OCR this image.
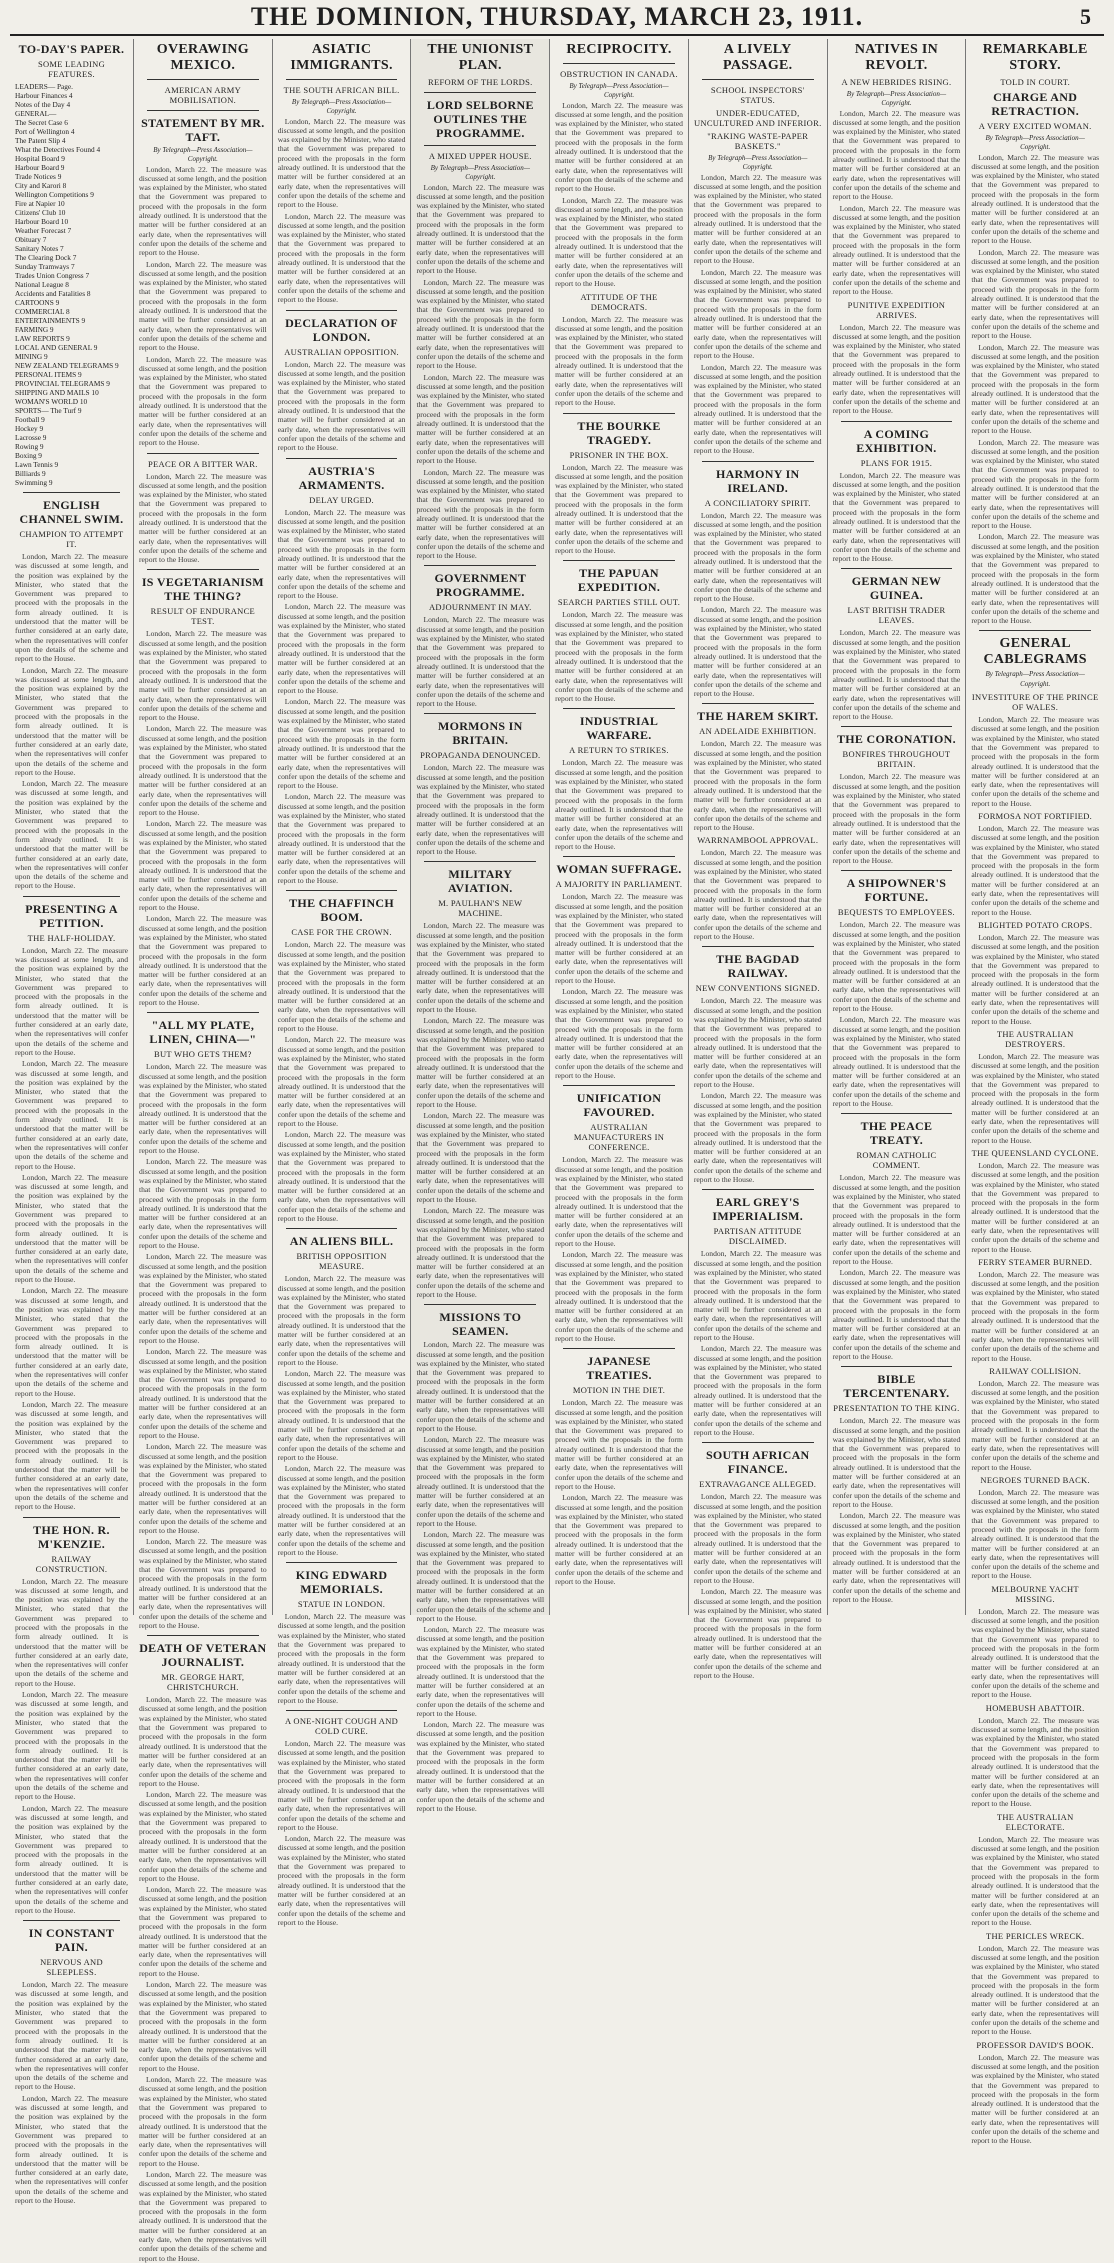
THE DOMINION, THURSDAY, MARCH 23, 1911.	5
TO-DAY'S PAPER.
SOME LEADING FEATURES.
LEADERS— Page.
Harbour Finances 4
Notes of the Day 4
GENERAL—
The Secret Case 6
Port of Wellington 4
The Patent Slip 4
What the Detectives Found 4
Hospital Board 9
Harbour Board 9
Trade Notices 9
City and Karori 8
Wellington Competitions 9
Fire at Napier 10
Citizens' Club 10
Harbour Board 10
Weather Forecast 7
Obituary 7
Sanitary Notes 7
The Clearing Dock 7
Sunday Tramways 7
Trades Union Congress 7
National League 8
Accidents and Fatalities 8
CARTOONS 9
COMMERCIAL 8
ENTERTAINMENTS 9
FARMING 9
LAW REPORTS 9
LOCAL AND GENERAL 9
MINING 9
NEW ZEALAND TELEGRAMS 9
PERSONAL ITEMS 9
PROVINCIAL TELEGRAMS 9
SHIPPING AND MAILS 10
WOMAN'S WORLD 10
SPORTS— The Turf 9
Football 9
Hockey 9
Lacrosse 9
Rowing 9
Boxing 9
Lawn Tennis 9
Billiards 9
Swimming 9
ENGLISH CHANNEL SWIM.
CHAMPION TO ATTEMPT IT.

London, March 22. The measure was discussed at some length, and the position was explained by the Minister, who stated that the Government was prepared to proceed with the proposals in the form already outlined. It is understood that the matter will be further considered at an early date, when the representatives will confer upon the details of the scheme and report to the House.

London, March 22. The measure was discussed at some length, and the position was explained by the Minister, who stated that the Government was prepared to proceed with the proposals in the form already outlined. It is understood that the matter will be further considered at an early date, when the representatives will confer upon the details of the scheme and report to the House.

London, March 22. The measure was discussed at some length, and the position was explained by the Minister, who stated that the Government was prepared to proceed with the proposals in the form already outlined. It is understood that the matter will be further considered at an early date, when the representatives will confer upon the details of the scheme and report to the House.

PRESENTING A PETITION.
THE HALF-HOLIDAY.

London, March 22. The measure was discussed at some length, and the position was explained by the Minister, who stated that the Government was prepared to proceed with the proposals in the form already outlined. It is understood that the matter will be further considered at an early date, when the representatives will confer upon the details of the scheme and report to the House.

London, March 22. The measure was discussed at some length, and the position was explained by the Minister, who stated that the Government was prepared to proceed with the proposals in the form already outlined. It is understood that the matter will be further considered at an early date, when the representatives will confer upon the details of the scheme and report to the House.

London, March 22. The measure was discussed at some length, and the position was explained by the Minister, who stated that the Government was prepared to proceed with the proposals in the form already outlined. It is understood that the matter will be further considered at an early date, when the representatives will confer upon the details of the scheme and report to the House.

London, March 22. The measure was discussed at some length, and the position was explained by the Minister, who stated that the Government was prepared to proceed with the proposals in the form already outlined. It is understood that the matter will be further considered at an early date, when the representatives will confer upon the details of the scheme and report to the House.

London, March 22. The measure was discussed at some length, and the position was explained by the Minister, who stated that the Government was prepared to proceed with the proposals in the form already outlined. It is understood that the matter will be further considered at an early date, when the representatives will confer upon the details of the scheme and report to the House.

THE HON. R. M'KENZIE.
RAILWAY CONSTRUCTION.

London, March 22. The measure was discussed at some length, and the position was explained by the Minister, who stated that the Government was prepared to proceed with the proposals in the form already outlined. It is understood that the matter will be further considered at an early date, when the representatives will confer upon the details of the scheme and report to the House.

London, March 22. The measure was discussed at some length, and the position was explained by the Minister, who stated that the Government was prepared to proceed with the proposals in the form already outlined. It is understood that the matter will be further considered at an early date, when the representatives will confer upon the details of the scheme and report to the House.

London, March 22. The measure was discussed at some length, and the position was explained by the Minister, who stated that the Government was prepared to proceed with the proposals in the form already outlined. It is understood that the matter will be further considered at an early date, when the representatives will confer upon the details of the scheme and report to the House.

IN CONSTANT PAIN.
NERVOUS AND SLEEPLESS.

London, March 22. The measure was discussed at some length, and the position was explained by the Minister, who stated that the Government was prepared to proceed with the proposals in the form already outlined. It is understood that the matter will be further considered at an early date, when the representatives will confer upon the details of the scheme and report to the House.

London, March 22. The measure was discussed at some length, and the position was explained by the Minister, who stated that the Government was prepared to proceed with the proposals in the form already outlined. It is understood that the matter will be further considered at an early date, when the representatives will confer upon the details of the scheme and report to the House.

OVERAWING MEXICO.
AMERICAN ARMY MOBILISATION.
STATEMENT BY MR. TAFT.
By Telegraph—Press Association—Copyright.

London, March 22. The measure was discussed at some length, and the position was explained by the Minister, who stated that the Government was prepared to proceed with the proposals in the form already outlined. It is understood that the matter will be further considered at an early date, when the representatives will confer upon the details of the scheme and report to the House.

London, March 22. The measure was discussed at some length, and the position was explained by the Minister, who stated that the Government was prepared to proceed with the proposals in the form already outlined. It is understood that the matter will be further considered at an early date, when the representatives will confer upon the details of the scheme and report to the House.

London, March 22. The measure was discussed at some length, and the position was explained by the Minister, who stated that the Government was prepared to proceed with the proposals in the form already outlined. It is understood that the matter will be further considered at an early date, when the representatives will confer upon the details of the scheme and report to the House.

PEACE OR A BITTER WAR.

London, March 22. The measure was discussed at some length, and the position was explained by the Minister, who stated that the Government was prepared to proceed with the proposals in the form already outlined. It is understood that the matter will be further considered at an early date, when the representatives will confer upon the details of the scheme and report to the House.

IS VEGETARIANISM THE THING?
RESULT OF ENDURANCE TEST.

London, March 22. The measure was discussed at some length, and the position was explained by the Minister, who stated that the Government was prepared to proceed with the proposals in the form already outlined. It is understood that the matter will be further considered at an early date, when the representatives will confer upon the details of the scheme and report to the House.

London, March 22. The measure was discussed at some length, and the position was explained by the Minister, who stated that the Government was prepared to proceed with the proposals in the form already outlined. It is understood that the matter will be further considered at an early date, when the representatives will confer upon the details of the scheme and report to the House.

London, March 22. The measure was discussed at some length, and the position was explained by the Minister, who stated that the Government was prepared to proceed with the proposals in the form already outlined. It is understood that the matter will be further considered at an early date, when the representatives will confer upon the details of the scheme and report to the House.

London, March 22. The measure was discussed at some length, and the position was explained by the Minister, who stated that the Government was prepared to proceed with the proposals in the form already outlined. It is understood that the matter will be further considered at an early date, when the representatives will confer upon the details of the scheme and report to the House.

"ALL MY PLATE, LINEN, CHINA—"
BUT WHO GETS THEM?

London, March 22. The measure was discussed at some length, and the position was explained by the Minister, who stated that the Government was prepared to proceed with the proposals in the form already outlined. It is understood that the matter will be further considered at an early date, when the representatives will confer upon the details of the scheme and report to the House.

London, March 22. The measure was discussed at some length, and the position was explained by the Minister, who stated that the Government was prepared to proceed with the proposals in the form already outlined. It is understood that the matter will be further considered at an early date, when the representatives will confer upon the details of the scheme and report to the House.

London, March 22. The measure was discussed at some length, and the position was explained by the Minister, who stated that the Government was prepared to proceed with the proposals in the form already outlined. It is understood that the matter will be further considered at an early date, when the representatives will confer upon the details of the scheme and report to the House.

London, March 22. The measure was discussed at some length, and the position was explained by the Minister, who stated that the Government was prepared to proceed with the proposals in the form already outlined. It is understood that the matter will be further considered at an early date, when the representatives will confer upon the details of the scheme and report to the House.

London, March 22. The measure was discussed at some length, and the position was explained by the Minister, who stated that the Government was prepared to proceed with the proposals in the form already outlined. It is understood that the matter will be further considered at an early date, when the representatives will confer upon the details of the scheme and report to the House.

London, March 22. The measure was discussed at some length, and the position was explained by the Minister, who stated that the Government was prepared to proceed with the proposals in the form already outlined. It is understood that the matter will be further considered at an early date, when the representatives will confer upon the details of the scheme and report to the House.

DEATH OF VETERAN JOURNALIST.
MR. GEORGE HART, CHRISTCHURCH.

London, March 22. The measure was discussed at some length, and the position was explained by the Minister, who stated that the Government was prepared to proceed with the proposals in the form already outlined. It is understood that the matter will be further considered at an early date, when the representatives will confer upon the details of the scheme and report to the House.

London, March 22. The measure was discussed at some length, and the position was explained by the Minister, who stated that the Government was prepared to proceed with the proposals in the form already outlined. It is understood that the matter will be further considered at an early date, when the representatives will confer upon the details of the scheme and report to the House.

London, March 22. The measure was discussed at some length, and the position was explained by the Minister, who stated that the Government was prepared to proceed with the proposals in the form already outlined. It is understood that the matter will be further considered at an early date, when the representatives will confer upon the details of the scheme and report to the House.

London, March 22. The measure was discussed at some length, and the position was explained by the Minister, who stated that the Government was prepared to proceed with the proposals in the form already outlined. It is understood that the matter will be further considered at an early date, when the representatives will confer upon the details of the scheme and report to the House.

London, March 22. The measure was discussed at some length, and the position was explained by the Minister, who stated that the Government was prepared to proceed with the proposals in the form already outlined. It is understood that the matter will be further considered at an early date, when the representatives will confer upon the details of the scheme and report to the House.

London, March 22. The measure was discussed at some length, and the position was explained by the Minister, who stated that the Government was prepared to proceed with the proposals in the form already outlined. It is understood that the matter will be further considered at an early date, when the representatives will confer upon the details of the scheme and report to the House.

ASIATIC IMMIGRANTS.
THE SOUTH AFRICAN BILL.
By Telegraph—Press Association—Copyright.

London, March 22. The measure was discussed at some length, and the position was explained by the Minister, who stated that the Government was prepared to proceed with the proposals in the form already outlined. It is understood that the matter will be further considered at an early date, when the representatives will confer upon the details of the scheme and report to the House.

London, March 22. The measure was discussed at some length, and the position was explained by the Minister, who stated that the Government was prepared to proceed with the proposals in the form already outlined. It is understood that the matter will be further considered at an early date, when the representatives will confer upon the details of the scheme and report to the House.

DECLARATION OF LONDON.
AUSTRALIAN OPPOSITION.

London, March 22. The measure was discussed at some length, and the position was explained by the Minister, who stated that the Government was prepared to proceed with the proposals in the form already outlined. It is understood that the matter will be further considered at an early date, when the representatives will confer upon the details of the scheme and report to the House.

AUSTRIA'S ARMAMENTS.
DELAY URGED.

London, March 22. The measure was discussed at some length, and the position was explained by the Minister, who stated that the Government was prepared to proceed with the proposals in the form already outlined. It is understood that the matter will be further considered at an early date, when the representatives will confer upon the details of the scheme and report to the House.

London, March 22. The measure was discussed at some length, and the position was explained by the Minister, who stated that the Government was prepared to proceed with the proposals in the form already outlined. It is understood that the matter will be further considered at an early date, when the representatives will confer upon the details of the scheme and report to the House.

London, March 22. The measure was discussed at some length, and the position was explained by the Minister, who stated that the Government was prepared to proceed with the proposals in the form already outlined. It is understood that the matter will be further considered at an early date, when the representatives will confer upon the details of the scheme and report to the House.

London, March 22. The measure was discussed at some length, and the position was explained by the Minister, who stated that the Government was prepared to proceed with the proposals in the form already outlined. It is understood that the matter will be further considered at an early date, when the representatives will confer upon the details of the scheme and report to the House.

THE CHAFFINCH BOOM.
CASE FOR THE CROWN.

London, March 22. The measure was discussed at some length, and the position was explained by the Minister, who stated that the Government was prepared to proceed with the proposals in the form already outlined. It is understood that the matter will be further considered at an early date, when the representatives will confer upon the details of the scheme and report to the House.

London, March 22. The measure was discussed at some length, and the position was explained by the Minister, who stated that the Government was prepared to proceed with the proposals in the form already outlined. It is understood that the matter will be further considered at an early date, when the representatives will confer upon the details of the scheme and report to the House.

London, March 22. The measure was discussed at some length, and the position was explained by the Minister, who stated that the Government was prepared to proceed with the proposals in the form already outlined. It is understood that the matter will be further considered at an early date, when the representatives will confer upon the details of the scheme and report to the House.

AN ALIENS BILL.
BRITISH OPPOSITION MEASURE.

London, March 22. The measure was discussed at some length, and the position was explained by the Minister, who stated that the Government was prepared to proceed with the proposals in the form already outlined. It is understood that the matter will be further considered at an early date, when the representatives will confer upon the details of the scheme and report to the House.

London, March 22. The measure was discussed at some length, and the position was explained by the Minister, who stated that the Government was prepared to proceed with the proposals in the form already outlined. It is understood that the matter will be further considered at an early date, when the representatives will confer upon the details of the scheme and report to the House.

London, March 22. The measure was discussed at some length, and the position was explained by the Minister, who stated that the Government was prepared to proceed with the proposals in the form already outlined. It is understood that the matter will be further considered at an early date, when the representatives will confer upon the details of the scheme and report to the House.

KING EDWARD MEMORIALS.
STATUE IN LONDON.

London, March 22. The measure was discussed at some length, and the position was explained by the Minister, who stated that the Government was prepared to proceed with the proposals in the form already outlined. It is understood that the matter will be further considered at an early date, when the representatives will confer upon the details of the scheme and report to the House.

A ONE-NIGHT COUGH AND COLD CURE.

London, March 22. The measure was discussed at some length, and the position was explained by the Minister, who stated that the Government was prepared to proceed with the proposals in the form already outlined. It is understood that the matter will be further considered at an early date, when the representatives will confer upon the details of the scheme and report to the House.

London, March 22. The measure was discussed at some length, and the position was explained by the Minister, who stated that the Government was prepared to proceed with the proposals in the form already outlined. It is understood that the matter will be further considered at an early date, when the representatives will confer upon the details of the scheme and report to the House.

THE UNIONIST PLAN.
REFORM OF THE LORDS.
LORD SELBORNE OUTLINES THE PROGRAMME.
A MIXED UPPER HOUSE.
By Telegraph—Press Association—Copyright.

London, March 22. The measure was discussed at some length, and the position was explained by the Minister, who stated that the Government was prepared to proceed with the proposals in the form already outlined. It is understood that the matter will be further considered at an early date, when the representatives will confer upon the details of the scheme and report to the House.

London, March 22. The measure was discussed at some length, and the position was explained by the Minister, who stated that the Government was prepared to proceed with the proposals in the form already outlined. It is understood that the matter will be further considered at an early date, when the representatives will confer upon the details of the scheme and report to the House.

London, March 22. The measure was discussed at some length, and the position was explained by the Minister, who stated that the Government was prepared to proceed with the proposals in the form already outlined. It is understood that the matter will be further considered at an early date, when the representatives will confer upon the details of the scheme and report to the House.

London, March 22. The measure was discussed at some length, and the position was explained by the Minister, who stated that the Government was prepared to proceed with the proposals in the form already outlined. It is understood that the matter will be further considered at an early date, when the representatives will confer upon the details of the scheme and report to the House.

GOVERNMENT PROGRAMME.
ADJOURNMENT IN MAY.

London, March 22. The measure was discussed at some length, and the position was explained by the Minister, who stated that the Government was prepared to proceed with the proposals in the form already outlined. It is understood that the matter will be further considered at an early date, when the representatives will confer upon the details of the scheme and report to the House.

MORMONS IN BRITAIN.
PROPAGANDA DENOUNCED.

London, March 22. The measure was discussed at some length, and the position was explained by the Minister, who stated that the Government was prepared to proceed with the proposals in the form already outlined. It is understood that the matter will be further considered at an early date, when the representatives will confer upon the details of the scheme and report to the House.

MILITARY AVIATION.
M. PAULHAN'S NEW MACHINE.

London, March 22. The measure was discussed at some length, and the position was explained by the Minister, who stated that the Government was prepared to proceed with the proposals in the form already outlined. It is understood that the matter will be further considered at an early date, when the representatives will confer upon the details of the scheme and report to the House.

London, March 22. The measure was discussed at some length, and the position was explained by the Minister, who stated that the Government was prepared to proceed with the proposals in the form already outlined. It is understood that the matter will be further considered at an early date, when the representatives will confer upon the details of the scheme and report to the House.

London, March 22. The measure was discussed at some length, and the position was explained by the Minister, who stated that the Government was prepared to proceed with the proposals in the form already outlined. It is understood that the matter will be further considered at an early date, when the representatives will confer upon the details of the scheme and report to the House.

London, March 22. The measure was discussed at some length, and the position was explained by the Minister, who stated that the Government was prepared to proceed with the proposals in the form already outlined. It is understood that the matter will be further considered at an early date, when the representatives will confer upon the details of the scheme and report to the House.

MISSIONS TO SEAMEN.

London, March 22. The measure was discussed at some length, and the position was explained by the Minister, who stated that the Government was prepared to proceed with the proposals in the form already outlined. It is understood that the matter will be further considered at an early date, when the representatives will confer upon the details of the scheme and report to the House.

London, March 22. The measure was discussed at some length, and the position was explained by the Minister, who stated that the Government was prepared to proceed with the proposals in the form already outlined. It is understood that the matter will be further considered at an early date, when the representatives will confer upon the details of the scheme and report to the House.

London, March 22. The measure was discussed at some length, and the position was explained by the Minister, who stated that the Government was prepared to proceed with the proposals in the form already outlined. It is understood that the matter will be further considered at an early date, when the representatives will confer upon the details of the scheme and report to the House.

London, March 22. The measure was discussed at some length, and the position was explained by the Minister, who stated that the Government was prepared to proceed with the proposals in the form already outlined. It is understood that the matter will be further considered at an early date, when the representatives will confer upon the details of the scheme and report to the House.

London, March 22. The measure was discussed at some length, and the position was explained by the Minister, who stated that the Government was prepared to proceed with the proposals in the form already outlined. It is understood that the matter will be further considered at an early date, when the representatives will confer upon the details of the scheme and report to the House.

RECIPROCITY.
OBSTRUCTION IN CANADA.
By Telegraph—Press Association—Copyright.

London, March 22. The measure was discussed at some length, and the position was explained by the Minister, who stated that the Government was prepared to proceed with the proposals in the form already outlined. It is understood that the matter will be further considered at an early date, when the representatives will confer upon the details of the scheme and report to the House.

London, March 22. The measure was discussed at some length, and the position was explained by the Minister, who stated that the Government was prepared to proceed with the proposals in the form already outlined. It is understood that the matter will be further considered at an early date, when the representatives will confer upon the details of the scheme and report to the House.

ATTITUDE OF THE DEMOCRATS.

London, March 22. The measure was discussed at some length, and the position was explained by the Minister, who stated that the Government was prepared to proceed with the proposals in the form already outlined. It is understood that the matter will be further considered at an early date, when the representatives will confer upon the details of the scheme and report to the House.

THE BOURKE TRAGEDY.
PRISONER IN THE BOX.

London, March 22. The measure was discussed at some length, and the position was explained by the Minister, who stated that the Government was prepared to proceed with the proposals in the form already outlined. It is understood that the matter will be further considered at an early date, when the representatives will confer upon the details of the scheme and report to the House.

THE PAPUAN EXPEDITION.
SEARCH PARTIES STILL OUT.

London, March 22. The measure was discussed at some length, and the position was explained by the Minister, who stated that the Government was prepared to proceed with the proposals in the form already outlined. It is understood that the matter will be further considered at an early date, when the representatives will confer upon the details of the scheme and report to the House.

INDUSTRIAL WARFARE.
A RETURN TO STRIKES.

London, March 22. The measure was discussed at some length, and the position was explained by the Minister, who stated that the Government was prepared to proceed with the proposals in the form already outlined. It is understood that the matter will be further considered at an early date, when the representatives will confer upon the details of the scheme and report to the House.

WOMAN SUFFRAGE.
A MAJORITY IN PARLIAMENT.

London, March 22. The measure was discussed at some length, and the position was explained by the Minister, who stated that the Government was prepared to proceed with the proposals in the form already outlined. It is understood that the matter will be further considered at an early date, when the representatives will confer upon the details of the scheme and report to the House.

London, March 22. The measure was discussed at some length, and the position was explained by the Minister, who stated that the Government was prepared to proceed with the proposals in the form already outlined. It is understood that the matter will be further considered at an early date, when the representatives will confer upon the details of the scheme and report to the House.

UNIFICATION FAVOURED.
AUSTRALIAN MANUFACTURERS IN CONFERENCE.

London, March 22. The measure was discussed at some length, and the position was explained by the Minister, who stated that the Government was prepared to proceed with the proposals in the form already outlined. It is understood that the matter will be further considered at an early date, when the representatives will confer upon the details of the scheme and report to the House.

London, March 22. The measure was discussed at some length, and the position was explained by the Minister, who stated that the Government was prepared to proceed with the proposals in the form already outlined. It is understood that the matter will be further considered at an early date, when the representatives will confer upon the details of the scheme and report to the House.

JAPANESE TREATIES.
MOTION IN THE DIET.

London, March 22. The measure was discussed at some length, and the position was explained by the Minister, who stated that the Government was prepared to proceed with the proposals in the form already outlined. It is understood that the matter will be further considered at an early date, when the representatives will confer upon the details of the scheme and report to the House.

London, March 22. The measure was discussed at some length, and the position was explained by the Minister, who stated that the Government was prepared to proceed with the proposals in the form already outlined. It is understood that the matter will be further considered at an early date, when the representatives will confer upon the details of the scheme and report to the House.

A LIVELY PASSAGE.
SCHOOL INSPECTORS' STATUS.
UNDER-EDUCATED, UNCULTURED AND INFERIOR.
"RAKING WASTE-PAPER BASKETS."
By Telegraph—Press Association—Copyright.

London, March 22. The measure was discussed at some length, and the position was explained by the Minister, who stated that the Government was prepared to proceed with the proposals in the form already outlined. It is understood that the matter will be further considered at an early date, when the representatives will confer upon the details of the scheme and report to the House.

London, March 22. The measure was discussed at some length, and the position was explained by the Minister, who stated that the Government was prepared to proceed with the proposals in the form already outlined. It is understood that the matter will be further considered at an early date, when the representatives will confer upon the details of the scheme and report to the House.

London, March 22. The measure was discussed at some length, and the position was explained by the Minister, who stated that the Government was prepared to proceed with the proposals in the form already outlined. It is understood that the matter will be further considered at an early date, when the representatives will confer upon the details of the scheme and report to the House.

HARMONY IN IRELAND.
A CONCILIATORY SPIRIT.

London, March 22. The measure was discussed at some length, and the position was explained by the Minister, who stated that the Government was prepared to proceed with the proposals in the form already outlined. It is understood that the matter will be further considered at an early date, when the representatives will confer upon the details of the scheme and report to the House.

London, March 22. The measure was discussed at some length, and the position was explained by the Minister, who stated that the Government was prepared to proceed with the proposals in the form already outlined. It is understood that the matter will be further considered at an early date, when the representatives will confer upon the details of the scheme and report to the House.

THE HAREM SKIRT.
AN ADELAIDE EXHIBITION.

London, March 22. The measure was discussed at some length, and the position was explained by the Minister, who stated that the Government was prepared to proceed with the proposals in the form already outlined. It is understood that the matter will be further considered at an early date, when the representatives will confer upon the details of the scheme and report to the House.

WARRNAMBOOL APPROVAL.

London, March 22. The measure was discussed at some length, and the position was explained by the Minister, who stated that the Government was prepared to proceed with the proposals in the form already outlined. It is understood that the matter will be further considered at an early date, when the representatives will confer upon the details of the scheme and report to the House.

THE BAGDAD RAILWAY.
NEW CONVENTIONS SIGNED.

London, March 22. The measure was discussed at some length, and the position was explained by the Minister, who stated that the Government was prepared to proceed with the proposals in the form already outlined. It is understood that the matter will be further considered at an early date, when the representatives will confer upon the details of the scheme and report to the House.

London, March 22. The measure was discussed at some length, and the position was explained by the Minister, who stated that the Government was prepared to proceed with the proposals in the form already outlined. It is understood that the matter will be further considered at an early date, when the representatives will confer upon the details of the scheme and report to the House.

EARL GREY'S IMPERIALISM.
PARTISAN ATTITUDE DISCLAIMED.

London, March 22. The measure was discussed at some length, and the position was explained by the Minister, who stated that the Government was prepared to proceed with the proposals in the form already outlined. It is understood that the matter will be further considered at an early date, when the representatives will confer upon the details of the scheme and report to the House.

London, March 22. The measure was discussed at some length, and the position was explained by the Minister, who stated that the Government was prepared to proceed with the proposals in the form already outlined. It is understood that the matter will be further considered at an early date, when the representatives will confer upon the details of the scheme and report to the House.

SOUTH AFRICAN FINANCE.
EXTRAVAGANCE ALLEGED.

London, March 22. The measure was discussed at some length, and the position was explained by the Minister, who stated that the Government was prepared to proceed with the proposals in the form already outlined. It is understood that the matter will be further considered at an early date, when the representatives will confer upon the details of the scheme and report to the House.

London, March 22. The measure was discussed at some length, and the position was explained by the Minister, who stated that the Government was prepared to proceed with the proposals in the form already outlined. It is understood that the matter will be further considered at an early date, when the representatives will confer upon the details of the scheme and report to the House.

NATIVES IN REVOLT.
A NEW HEBRIDES RISING.
By Telegraph—Press Association—Copyright.

London, March 22. The measure was discussed at some length, and the position was explained by the Minister, who stated that the Government was prepared to proceed with the proposals in the form already outlined. It is understood that the matter will be further considered at an early date, when the representatives will confer upon the details of the scheme and report to the House.

London, March 22. The measure was discussed at some length, and the position was explained by the Minister, who stated that the Government was prepared to proceed with the proposals in the form already outlined. It is understood that the matter will be further considered at an early date, when the representatives will confer upon the details of the scheme and report to the House.

PUNITIVE EXPEDITION ARRIVES.

London, March 22. The measure was discussed at some length, and the position was explained by the Minister, who stated that the Government was prepared to proceed with the proposals in the form already outlined. It is understood that the matter will be further considered at an early date, when the representatives will confer upon the details of the scheme and report to the House.

A COMING EXHIBITION.
PLANS FOR 1915.

London, March 22. The measure was discussed at some length, and the position was explained by the Minister, who stated that the Government was prepared to proceed with the proposals in the form already outlined. It is understood that the matter will be further considered at an early date, when the representatives will confer upon the details of the scheme and report to the House.

GERMAN NEW GUINEA.
LAST BRITISH TRADER LEAVES.

London, March 22. The measure was discussed at some length, and the position was explained by the Minister, who stated that the Government was prepared to proceed with the proposals in the form already outlined. It is understood that the matter will be further considered at an early date, when the representatives will confer upon the details of the scheme and report to the House.

THE CORONATION.
BONFIRES THROUGHOUT BRITAIN.

London, March 22. The measure was discussed at some length, and the position was explained by the Minister, who stated that the Government was prepared to proceed with the proposals in the form already outlined. It is understood that the matter will be further considered at an early date, when the representatives will confer upon the details of the scheme and report to the House.

A SHIPOWNER'S FORTUNE.
BEQUESTS TO EMPLOYEES.

London, March 22. The measure was discussed at some length, and the position was explained by the Minister, who stated that the Government was prepared to proceed with the proposals in the form already outlined. It is understood that the matter will be further considered at an early date, when the representatives will confer upon the details of the scheme and report to the House.

London, March 22. The measure was discussed at some length, and the position was explained by the Minister, who stated that the Government was prepared to proceed with the proposals in the form already outlined. It is understood that the matter will be further considered at an early date, when the representatives will confer upon the details of the scheme and report to the House.

THE PEACE TREATY.
ROMAN CATHOLIC COMMENT.

London, March 22. The measure was discussed at some length, and the position was explained by the Minister, who stated that the Government was prepared to proceed with the proposals in the form already outlined. It is understood that the matter will be further considered at an early date, when the representatives will confer upon the details of the scheme and report to the House.

London, March 22. The measure was discussed at some length, and the position was explained by the Minister, who stated that the Government was prepared to proceed with the proposals in the form already outlined. It is understood that the matter will be further considered at an early date, when the representatives will confer upon the details of the scheme and report to the House.

BIBLE TERCENTENARY.
PRESENTATION TO THE KING.

London, March 22. The measure was discussed at some length, and the position was explained by the Minister, who stated that the Government was prepared to proceed with the proposals in the form already outlined. It is understood that the matter will be further considered at an early date, when the representatives will confer upon the details of the scheme and report to the House.

London, March 22. The measure was discussed at some length, and the position was explained by the Minister, who stated that the Government was prepared to proceed with the proposals in the form already outlined. It is understood that the matter will be further considered at an early date, when the representatives will confer upon the details of the scheme and report to the House.

REMARKABLE STORY.
TOLD IN COURT.
CHARGE AND RETRACTION.
A VERY EXCITED WOMAN.
By Telegraph—Press Association—Copyright.

London, March 22. The measure was discussed at some length, and the position was explained by the Minister, who stated that the Government was prepared to proceed with the proposals in the form already outlined. It is understood that the matter will be further considered at an early date, when the representatives will confer upon the details of the scheme and report to the House.

London, March 22. The measure was discussed at some length, and the position was explained by the Minister, who stated that the Government was prepared to proceed with the proposals in the form already outlined. It is understood that the matter will be further considered at an early date, when the representatives will confer upon the details of the scheme and report to the House.

London, March 22. The measure was discussed at some length, and the position was explained by the Minister, who stated that the Government was prepared to proceed with the proposals in the form already outlined. It is understood that the matter will be further considered at an early date, when the representatives will confer upon the details of the scheme and report to the House.

London, March 22. The measure was discussed at some length, and the position was explained by the Minister, who stated that the Government was prepared to proceed with the proposals in the form already outlined. It is understood that the matter will be further considered at an early date, when the representatives will confer upon the details of the scheme and report to the House.

London, March 22. The measure was discussed at some length, and the position was explained by the Minister, who stated that the Government was prepared to proceed with the proposals in the form already outlined. It is understood that the matter will be further considered at an early date, when the representatives will confer upon the details of the scheme and report to the House.

GENERAL CABLEGRAMS
By Telegraph—Press Association—Copyright.
INVESTITURE OF THE PRINCE OF WALES.

London, March 22. The measure was discussed at some length, and the position was explained by the Minister, who stated that the Government was prepared to proceed with the proposals in the form already outlined. It is understood that the matter will be further considered at an early date, when the representatives will confer upon the details of the scheme and report to the House.

FORMOSA NOT FORTIFIED.

London, March 22. The measure was discussed at some length, and the position was explained by the Minister, who stated that the Government was prepared to proceed with the proposals in the form already outlined. It is understood that the matter will be further considered at an early date, when the representatives will confer upon the details of the scheme and report to the House.

BLIGHTED POTATO CROPS.

London, March 22. The measure was discussed at some length, and the position was explained by the Minister, who stated that the Government was prepared to proceed with the proposals in the form already outlined. It is understood that the matter will be further considered at an early date, when the representatives will confer upon the details of the scheme and report to the House.

THE AUSTRALIAN DESTROYERS.

London, March 22. The measure was discussed at some length, and the position was explained by the Minister, who stated that the Government was prepared to proceed with the proposals in the form already outlined. It is understood that the matter will be further considered at an early date, when the representatives will confer upon the details of the scheme and report to the House.

THE QUEENSLAND CYCLONE.

London, March 22. The measure was discussed at some length, and the position was explained by the Minister, who stated that the Government was prepared to proceed with the proposals in the form already outlined. It is understood that the matter will be further considered at an early date, when the representatives will confer upon the details of the scheme and report to the House.

FERRY STEAMER BURNED.

London, March 22. The measure was discussed at some length, and the position was explained by the Minister, who stated that the Government was prepared to proceed with the proposals in the form already outlined. It is understood that the matter will be further considered at an early date, when the representatives will confer upon the details of the scheme and report to the House.

RAILWAY COLLISION.

London, March 22. The measure was discussed at some length, and the position was explained by the Minister, who stated that the Government was prepared to proceed with the proposals in the form already outlined. It is understood that the matter will be further considered at an early date, when the representatives will confer upon the details of the scheme and report to the House.

NEGROES TURNED BACK.

London, March 22. The measure was discussed at some length, and the position was explained by the Minister, who stated that the Government was prepared to proceed with the proposals in the form already outlined. It is understood that the matter will be further considered at an early date, when the representatives will confer upon the details of the scheme and report to the House.

MELBOURNE YACHT MISSING.

London, March 22. The measure was discussed at some length, and the position was explained by the Minister, who stated that the Government was prepared to proceed with the proposals in the form already outlined. It is understood that the matter will be further considered at an early date, when the representatives will confer upon the details of the scheme and report to the House.

HOMEBUSH ABATTOIR.

London, March 22. The measure was discussed at some length, and the position was explained by the Minister, who stated that the Government was prepared to proceed with the proposals in the form already outlined. It is understood that the matter will be further considered at an early date, when the representatives will confer upon the details of the scheme and report to the House.

THE AUSTRALIAN ELECTORATE.

London, March 22. The measure was discussed at some length, and the position was explained by the Minister, who stated that the Government was prepared to proceed with the proposals in the form already outlined. It is understood that the matter will be further considered at an early date, when the representatives will confer upon the details of the scheme and report to the House.

THE PERICLES WRECK.

London, March 22. The measure was discussed at some length, and the position was explained by the Minister, who stated that the Government was prepared to proceed with the proposals in the form already outlined. It is understood that the matter will be further considered at an early date, when the representatives will confer upon the details of the scheme and report to the House.

PROFESSOR DAVID'S BOOK.

London, March 22. The measure was discussed at some length, and the position was explained by the Minister, who stated that the Government was prepared to proceed with the proposals in the form already outlined. It is understood that the matter will be further considered at an early date, when the representatives will confer upon the details of the scheme and report to the House.
